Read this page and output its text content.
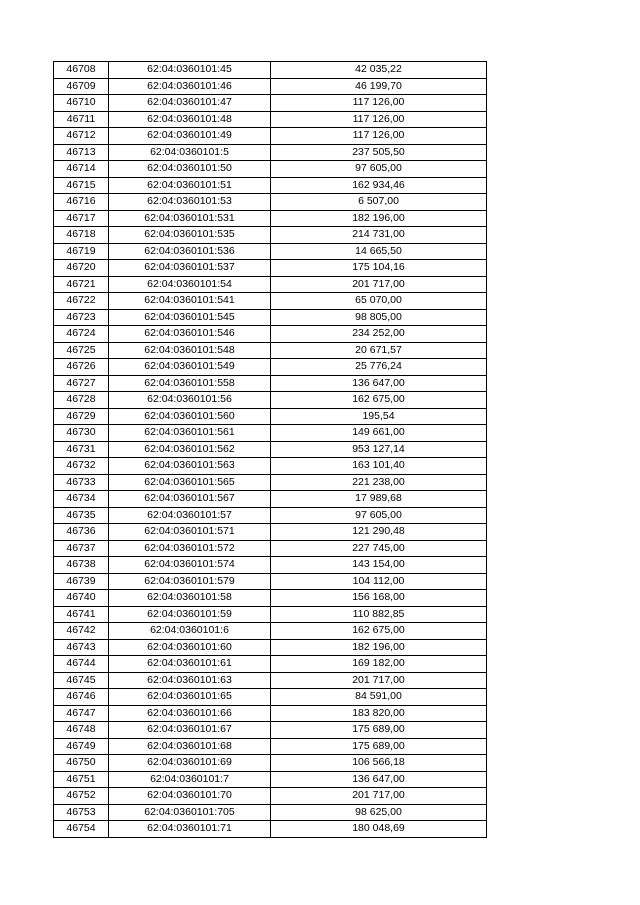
46708	62:04:0360101:45	42 035,22
46709	62:04:0360101:46	46 199,70
46710	62:04:0360101:47	117 126,00
46711	62:04:0360101:48	117 126,00
46712	62:04:0360101:49	117 126,00
46713	62:04:0360101:5	237 505,50
46714	62:04:0360101:50	97 605,00
46715	62:04:0360101:51	162 934,46
46716	62:04:0360101:53	6 507,00
46717	62:04:0360101:531	182 196,00
46718	62:04:0360101:535	214 731,00
46719	62:04:0360101:536	14 665,50
46720	62:04:0360101:537	175 104,16
46721	62:04:0360101:54	201 717,00
46722	62:04:0360101:541	65 070,00
46723	62:04:0360101:545	98 805,00
46724	62:04:0360101:546	234 252,00
46725	62:04:0360101:548	20 671,57
46726	62:04:0360101:549	25 776,24
46727	62:04:0360101:558	136 647,00
46728	62:04:0360101:56	162 675,00
46729	62:04:0360101:560	195,54
46730	62:04:0360101:561	149 661,00
46731	62:04:0360101:562	953 127,14
46732	62:04:0360101:563	163 101,40
46733	62:04:0360101:565	221 238,00
46734	62:04:0360101:567	17 989,68
46735	62:04:0360101:57	97 605,00
46736	62:04:0360101:571	121 290,48
46737	62:04:0360101:572	227 745,00
46738	62:04:0360101:574	143 154,00
46739	62:04:0360101:579	104 112,00
46740	62:04:0360101:58	156 168,00
46741	62:04:0360101:59	110 882,85
46742	62:04:0360101:6	162 675,00
46743	62:04:0360101:60	182 196,00
46744	62:04:0360101:61	169 182,00
46745	62:04:0360101:63	201 717,00
46746	62:04:0360101:65	84 591,00
46747	62:04:0360101:66	183 820,00
46748	62:04:0360101:67	175 689,00
46749	62:04:0360101:68	175 689,00
46750	62:04:0360101:69	106 566,18
46751	62:04:0360101:7	136 647,00
46752	62:04:0360101:70	201 717,00
46753	62:04:0360101:705	98 625,00
46754	62:04:0360101:71	180 048,69
